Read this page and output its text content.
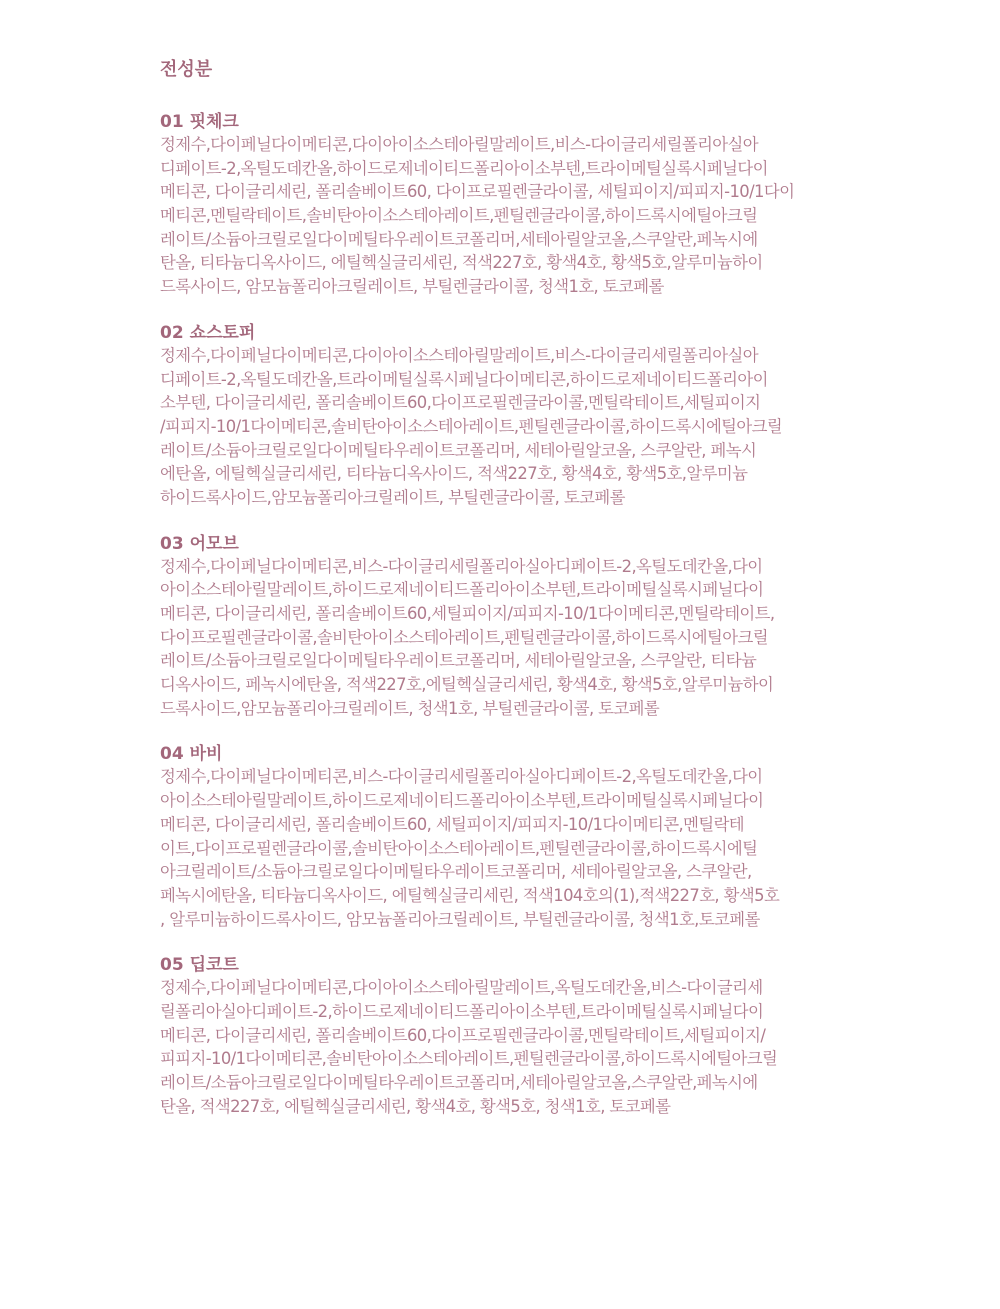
전성분
01 핏체크
정제수,다이페닐다이메티콘,다이아이소스테아릴말레이트,비스-다이글리세릴폴리아실아
디페이트-2,옥틸도데칸올,하이드로제네이티드폴리아이소부텐,트라이메틸실록시페닐다이
메티콘, 다이글리세린, 폴리솔베이트60, 다이프로필렌글라이콜, 세틸피이지/피피지-10/1다이
메티콘,멘틸락테이트,솔비탄아이소스테아레이트,펜틸렌글라이콜,하이드록시에틸아크릴
레이트/소듐아크릴로일다이메틸타우레이트코폴리머,세테아릴알코올,스쿠알란,페녹시에
탄올, 티타늄디옥사이드, 에틸헥실글리세린, 적색227호, 황색4호, 황색5호,알루미늄하이
드록사이드, 암모늄폴리아크릴레이트, 부틸렌글라이콜, 청색1호, 토코페롤
02 쇼스토퍼
정제수,다이페닐다이메티콘,다이아이소스테아릴말레이트,비스-다이글리세릴폴리아실아
디페이트-2,옥틸도데칸올,트라이메틸실록시페닐다이메티콘,하이드로제네이티드폴리아이
소부텐, 다이글리세린, 폴리솔베이트60,다이프로필렌글라이콜,멘틸락테이트,세틸피이지
/피피지-10/1다이메티콘,솔비탄아이소스테아레이트,펜틸렌글라이콜,하이드록시에틸아크릴
레이트/소듐아크릴로일다이메틸타우레이트코폴리머, 세테아릴알코올, 스쿠알란, 페녹시
에탄올, 에틸헥실글리세린, 티타늄디옥사이드, 적색227호, 황색4호, 황색5호,알루미늄
하이드록사이드,암모늄폴리아크릴레이트, 부틸렌글라이콜, 토코페롤
03 어모브
정제수,다이페닐다이메티콘,비스-다이글리세릴폴리아실아디페이트-2,옥틸도데칸올,다이
아이소스테아릴말레이트,하이드로제네이티드폴리아이소부텐,트라이메틸실록시페닐다이
메티콘, 다이글리세린, 폴리솔베이트60,세틸피이지/피피지-10/1다이메티콘,멘틸락테이트,
다이프로필렌글라이콜,솔비탄아이소스테아레이트,펜틸렌글라이콜,하이드록시에틸아크릴
레이트/소듐아크릴로일다이메틸타우레이트코폴리머, 세테아릴알코올, 스쿠알란, 티타늄
디옥사이드, 페녹시에탄올, 적색227호,에틸헥실글리세린, 황색4호, 황색5호,알루미늄하이
드록사이드,암모늄폴리아크릴레이트, 청색1호, 부틸렌글라이콜, 토코페롤
04 바비
정제수,다이페닐다이메티콘,비스-다이글리세릴폴리아실아디페이트-2,옥틸도데칸올,다이
아이소스테아릴말레이트,하이드로제네이티드폴리아이소부텐,트라이메틸실록시페닐다이
메티콘, 다이글리세린, 폴리솔베이트60, 세틸피이지/피피지-10/1다이메티콘,멘틸락테
이트,다이프로필렌글라이콜,솔비탄아이소스테아레이트,펜틸렌글라이콜,하이드록시에틸
아크릴레이트/소듐아크릴로일다이메틸타우레이트코폴리머, 세테아릴알코올, 스쿠알란,
페녹시에탄올, 티타늄디옥사이드, 에틸헥실글리세린, 적색104호의(1),적색227호, 황색5호
, 알루미늄하이드록사이드, 암모늄폴리아크릴레이트, 부틸렌글라이콜, 청색1호,토코페롤
05 딥코트
정제수,다이페닐다이메티콘,다이아이소스테아릴말레이트,옥틸도데칸올,비스-다이글리세
릴폴리아실아디페이트-2,하이드로제네이티드폴리아이소부텐,트라이메틸실록시페닐다이
메티콘, 다이글리세린, 폴리솔베이트60,다이프로필렌글라이콜,멘틸락테이트,세틸피이지/
피피지-10/1다이메티콘,솔비탄아이소스테아레이트,펜틸렌글라이콜,하이드록시에틸아크릴
레이트/소듐아크릴로일다이메틸타우레이트코폴리머,세테아릴알코올,스쿠알란,페녹시에
탄올, 적색227호, 에틸헥실글리세린, 황색4호, 황색5호, 청색1호, 토코페롤
